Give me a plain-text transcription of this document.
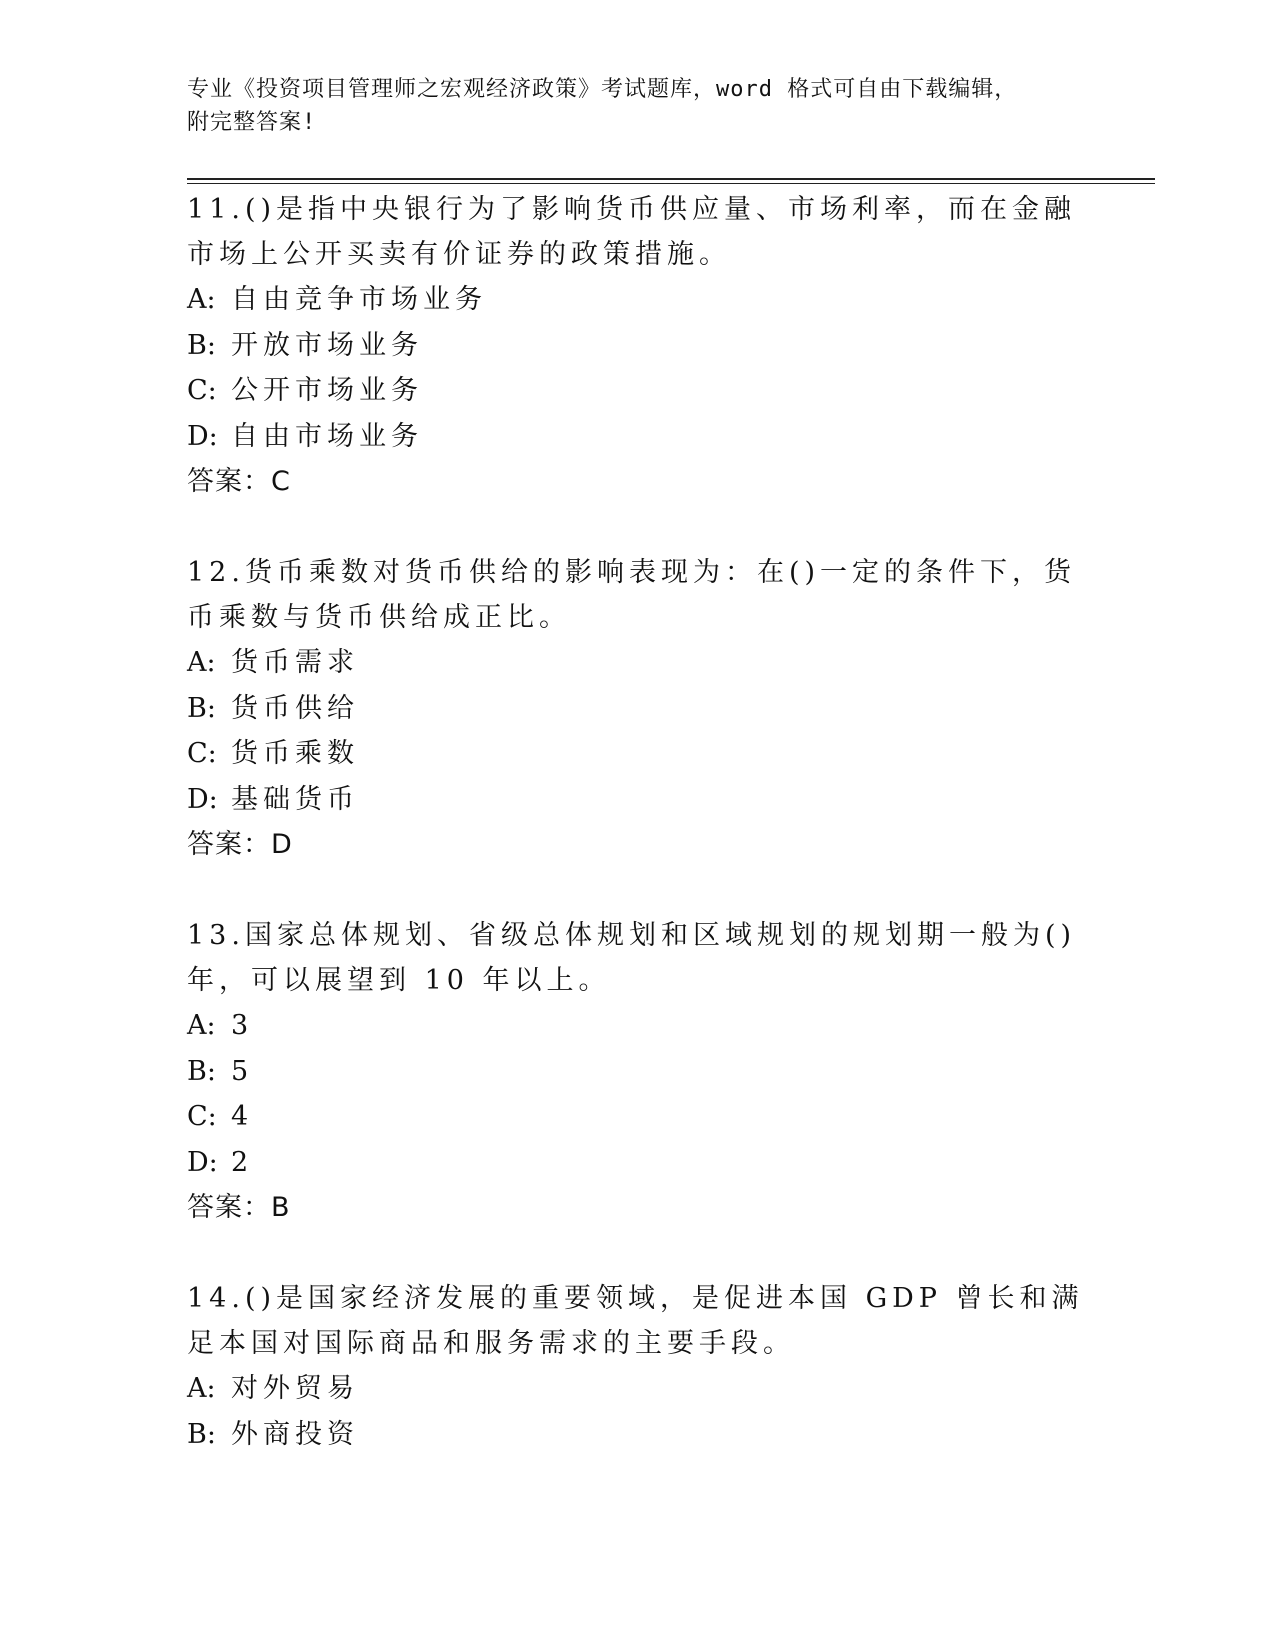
专业《投资项目管理师之宏观经济政策》考试题库，word 格式可自由下载编辑，
附完整答案!

11.()是指中央银行为了影响货币供应量、市场利率，而在金融市场上公开买卖有价证券的政策措施。

A: 自由竞争市场业务

B: 开放市场业务

C: 公开市场业务

D: 自由市场业务

答案：C

12.货币乘数对货币供给的影响表现为：在()一定的条件下，货币乘数与货币供给成正比。

A: 货币需求

B: 货币供给

C: 货币乘数

D: 基础货币

答案：D

13.国家总体规划、省级总体规划和区域规划的规划期一般为()年，可以展望到 10 年以上。

A: 3

B: 5

C: 4

D: 2

答案：B

14.()是国家经济发展的重要领域，是促进本国 GDP 曾长和满足本国对国际商品和服务需求的主要手段。

A: 对外贸易

B: 外商投资
